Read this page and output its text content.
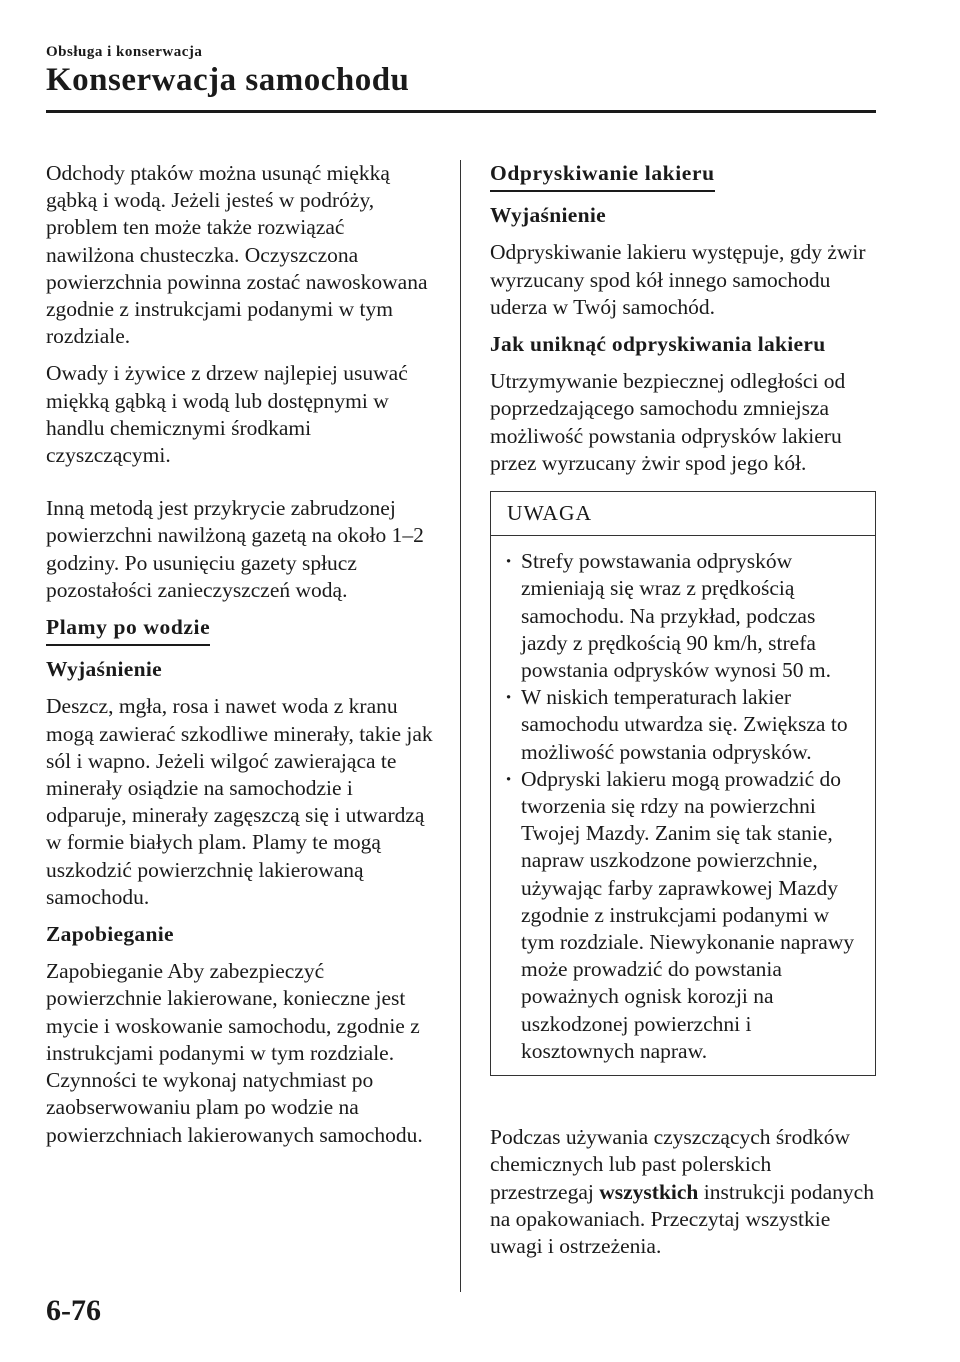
Obsługa i konserwacja
Konserwacja samochodu

Odchody ptaków można usunąć miękką gąbką i wodą. Jeżeli jesteś w podróży, problem ten może także rozwiązać nawilżona chusteczka. Oczyszczona powierzchnia powinna zostać nawoskowana zgodnie z instrukcjami podanymi w tym rozdziale.

Owady i żywice z drzew najlepiej usuwać miękką gąbką i wodą lub dostępnymi w handlu chemicznymi środkami czyszczącymi.

Inną metodą jest przykrycie zabrudzonej powierzchni nawilżoną gazetą na około 1–2 godziny. Po usunięciu gazety spłucz pozostałości zanieczyszczeń wodą.

Plamy po wodzie
Wyjaśnienie

Deszcz, mgła, rosa i nawet woda z kranu mogą zawierać szkodliwe minerały, takie jak sól i wapno. Jeżeli wilgoć zawierająca te minerały osiądzie na samochodzie i odparuje, minerały zagęszczą się i utwardzą w formie białych plam. Plamy te mogą uszkodzić powierzchnię lakierowaną samochodu.

Zapobieganie

Zapobieganie Aby zabezpieczyć powierzchnie lakierowane, konieczne jest mycie i woskowanie samochodu, zgodnie z instrukcjami podanymi w tym rozdziale. Czynności te wykonaj natychmiast po zaobserwowaniu plam po wodzie na powierzchniach lakierowanych samochodu.

Odpryskiwanie lakieru
Wyjaśnienie

Odpryskiwanie lakieru występuje, gdy żwir wyrzucany spod kół innego samochodu uderza w Twój samochód.

Jak uniknąć odpryskiwania lakieru

Utrzymywanie bezpiecznej odległości od poprzedzającego samochodu zmniejsza możliwość powstania odprysków lakieru przez wyrzucany żwir spod jego kół.

UWAGA
· Strefy powstawania odprysków zmieniają się wraz z prędkością samochodu. Na przykład, podczas jazdy z prędkością 90 km/h, strefa powstania odprysków wynosi 50 m.
· W niskich temperaturach lakier samochodu utwardza się. Zwiększa to możliwość powstania odprysków.
· Odpryski lakieru mogą prowadzić do tworzenia się rdzy na powierzchni Twojej Mazdy. Zanim się tak stanie, napraw uszkodzone powierzchnie, używając farby zaprawkowej Mazdy zgodnie z instrukcjami podanymi w tym rozdziale. Niewykonanie naprawy może prowadzić do powstania poważnych ognisk korozji na uszkodzonej powierzchni i kosztownych napraw.

Podczas używania czyszczących środków chemicznych lub past polerskich przestrzegaj wszystkich instrukcji podanych na opakowaniach. Przeczytaj wszystkie uwagi i ostrzeżenia.

6-76
